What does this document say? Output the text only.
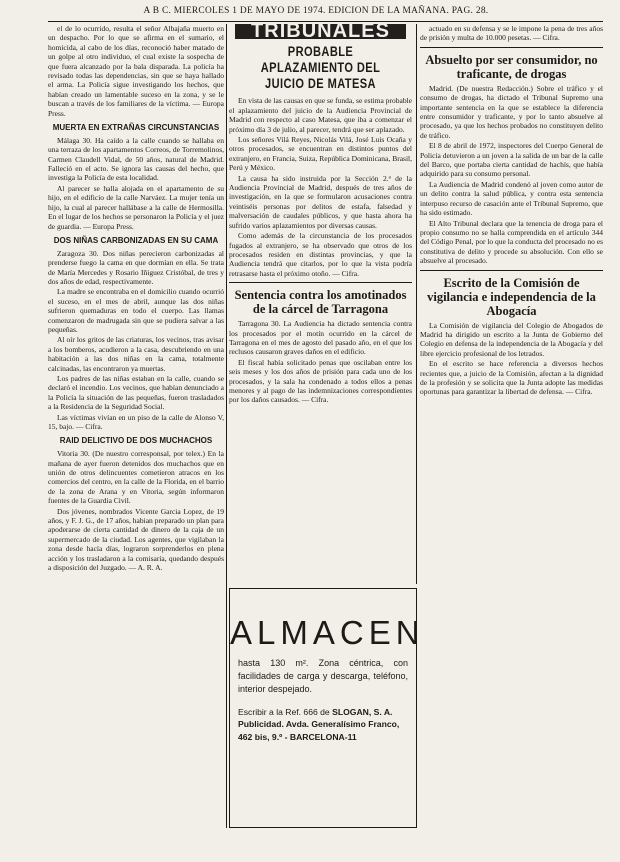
A B C. MIERCOLES 1 DE MAYO DE 1974. EDICION DE LA MAÑANA. PAG. 28.

el de lo ocurrido, resulta el señor Albajaña muerto en un despacho. Por lo que se afirma en el sumario, el homicida, al cabo de los días, reconoció haber matado de un golpe al otro individuo, el cual existe la sospecha de que fuera alcanzado por la bala disparada. La policía ha revisado todas las dependencias, sin que se haya hallado el arma. La Policía sigue investigando los hechos, que habían creado un lamentable suceso en la zona, y se le buscan a través de los familiares de la víctima. — Europa Press.

MUERTA EN EXTRAÑAS CIRCUNSTANCIAS

Málaga 30. Ha caído a la calle cuando se hallaba en una terraza de los apartamentos Correos, de Torremolinos, Carmen Claudell Vidal, de 50 años, natural de Madrid. Falleció en el acto. Se ignora las causas del hecho, que investiga la Policía de esta localidad.

Al parecer se halla alojada en el apartamento de su hijo, en el edificio de la calle Narváez. La mujer tenía un hijo, la cual al parecer hallábase a la calle de Hermosilla. En el lugar de los hechos se personaron la Policía y el juez de guardia. — Europa Press.

DOS NIÑAS CARBONIZADAS EN SU CAMA

Zaragoza 30. Dos niñas perecieron carbonizadas al prenderse fuego la cama en que dormían en ella. Se trata de María Mercedes y Rosario Iñiguez Cristóbal, de tres y dos años de edad, respectivamente.

La madre se encontraba en el domicilio cuando ocurrió el suceso, en el mes de abril, aunque las dos niñas sufrieron quemaduras en todo el cuerpo. Las llamas comenzaron de madrugada sin que se pudiera salvar a las pequeñas.

Al oír los gritos de las criaturas, los vecinos, tras avisar a los bomberos, acudieron a la casa, descubriendo en una habitación a las dos niñas en la cama, totalmente calcinadas, las encontraron ya muertas.

Los padres de las niñas estaban en la calle, cuando se declaró el incendio. Los vecinos, que habían denunciado a la Policía la situación de las pequeñas, fueron trasladados a la Residencia de la Seguridad Social.

Las víctimas vivían en un piso de la calle de Alonso V, 15, bajo. — Cifra.

RAID DELICTIVO DE DOS MUCHACHOS

Vitoria 30. (De nuestro corresponsal, por telex.) En la mañana de ayer fueron detenidos dos muchachos que en unión de otros delincuentes cometieron atracos en los comercios del centro, en la calle de la Florida, en el barrio de la zona de Arana y en Vitoria, según informaron fuentes de la Guardia Civil.

Dos jóvenes, nombrados Vicente Garcia Lopez, de 19 años, y F. J. G., de 17 años, habian preparado un plan para apoderarse de cierta cantidad de dinero de la caja de un supermercado de la ciudad. Los agentes, que vigilaban la zona desde hacía días, lograron sorprenderlos en plena acción y los trasladaron a la comisaría, quedando después a disposición del Juzgado. — A. R. A.

TRIBUNALES
PROBABLE APLAZAMIENTO DEL JUICIO DE MATESA

En vista de las causas en que se funda, se estima probable el aplazamiento del juicio de la Audiencia Provincial de Madrid con respecto al caso Matesa, que iba a comenzar el próximo día 3 de julio, al parecer, tendrá que ser aplazado.

Los señores Vilá Reyes, Nicolás Vilá, José Luis Ocaña y otros procesados, se encuentran en distintos puntos del extranjero, en Francia, Suiza, República Dominicana, Brasil, Perú y México.

La causa ha sido instruida por la Sección 2.ª de la Audiencia Provincial de Madrid, después de tres años de investigación, en la que se formularon acusaciones contra veintiséis personas por delitos de estafa, falsedad y malversación de caudales públicos, y que hasta ahora ha sufrido varios aplazamientos por diversas causas.

Como además de la circunstancia de los procesados fugados al extranjero, se ha observado que otros de los procesados residen en distintas provincias, y que la Audiencia tendrá que citarlos, por lo que la vista podría retrasarse hasta el próximo otoño. — Cifra.

Sentencia contra los amotinados de la cárcel de Tarragona

Tarragona 30. La Audiencia ha dictado sentencia contra los procesados por el motín ocurrido en la cárcel de Tarragona en el mes de agosto del pasado año, en el que los reclusos causaron graves daños en el edificio.

El fiscal había solicitado penas que oscilaban entre los seis meses y los dos años de prisión para cada uno de los procesados, y la sala ha condenado a todos ellos a penas menores y al pago de las indemnizaciones correspondientes por los daños causados. — Cifra.

ALMACEN
hasta 130 m². Zona céntrica, con facilidades de carga y descarga, teléfono, interior despejado.
Escribir a la Ref. 666 de SLOGAN, S. A. Publicidad. Avda. Generalísimo Franco, 462 bis, 9.º - BARCELONA-11

actuado en su defensa y se le impone la pena de tres años de prisión y multa de 10.000 pesetas. — Cifra.

Absuelto por ser consumidor, no traficante, de drogas

Madrid. (De nuestra Redacción.) Sobre el tráfico y el consumo de drogas, ha dictado el Tribunal Supremo una importante sentencia en la que se establece la diferencia entre consumidor y traficante, y por lo tanto absuelve al procesado, ya que los hechos probados no constituyen delito de tráfico.

El 8 de abril de 1972, inspectores del Cuerpo General de Policía detuvieron a un joven a la salida de un bar de la calle del Barco, que portaba cierta cantidad de hachís, que había adquirido para su consumo personal.

La Audiencia de Madrid condenó al joven como autor de un delito contra la salud pública, y contra esta sentencia interpuso recurso de casación ante el Tribunal Supremo, que ha sido estimado.

El Alto Tribunal declara que la tenencia de droga para el propio consumo no se halla comprendida en el artículo 344 del Código Penal, por lo que la conducta del procesado no es constitutiva de delito y procede su absolución. Con ello se absuelve al procesado.

Escrito de la Comisión de vigilancia e independencia de la Abogacía

La Comisión de vigilancia del Colegio de Abogados de Madrid ha dirigido un escrito a la Junta de Gobierno del Colegio en defensa de la independencia de la Abogacía y del libre ejercicio profesional de los letrados.

En el escrito se hace referencia a diversos hechos recientes que, a juicio de la Comisión, afectan a la dignidad de la profesión y se solicita que la Junta adopte las medidas oportunas para garantizar la libertad de defensa. — Cifra.
